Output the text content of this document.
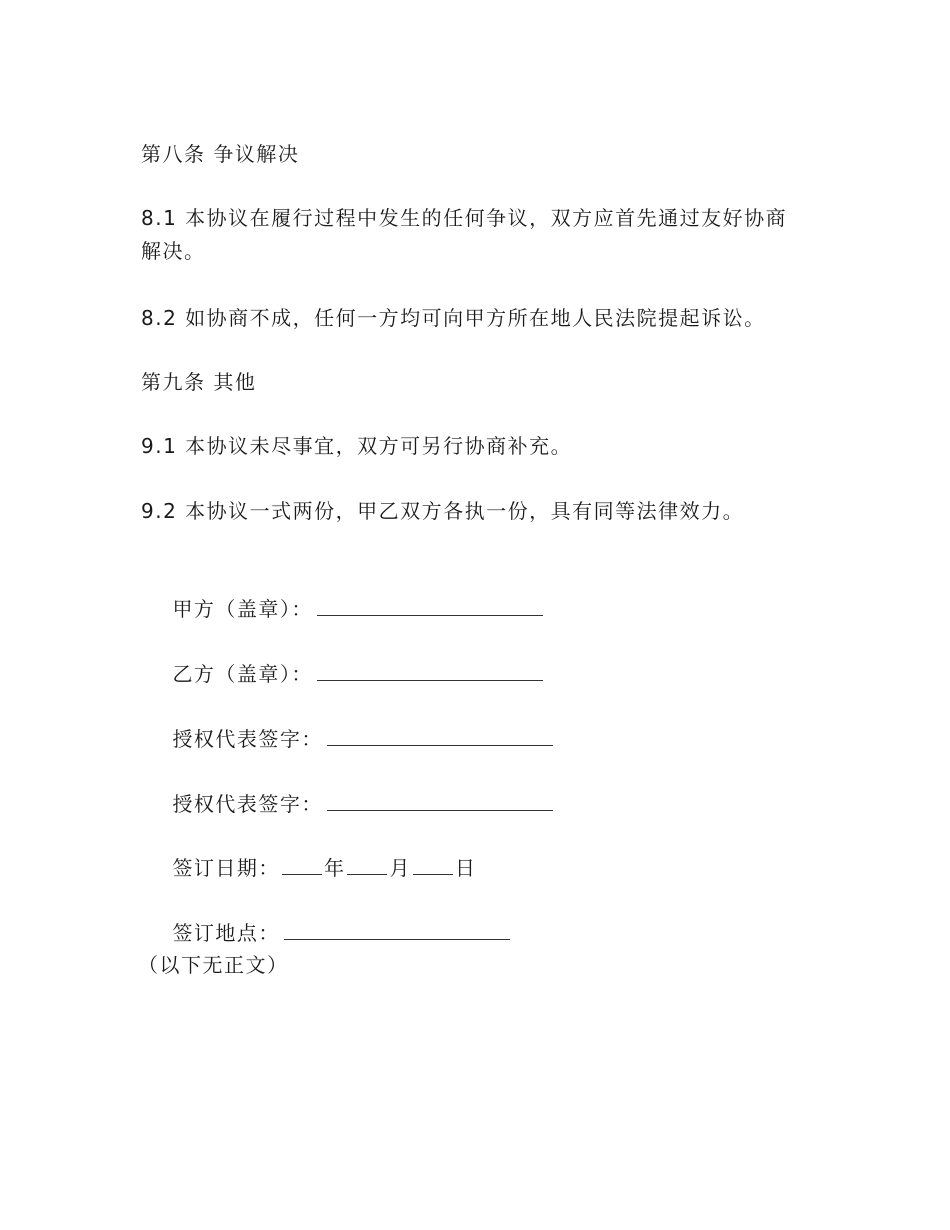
第八条 争议解决
8.1 本协议在履行过程中发生的任何争议，双方应首先通过友好协商解决。
8.2 如协商不成，任何一方均可向甲方所在地人民法院提起诉讼。
第九条 其他
9.1 本协议未尽事宜，双方可另行协商补充。
9.2 本协议一式两份，甲乙双方各执一份，具有同等法律效力。

甲方（盖章）：

乙方（盖章）：

授权代表签字：

授权代表签字：

签订日期： 年 月 日

签订地点：

（以下无正文）
